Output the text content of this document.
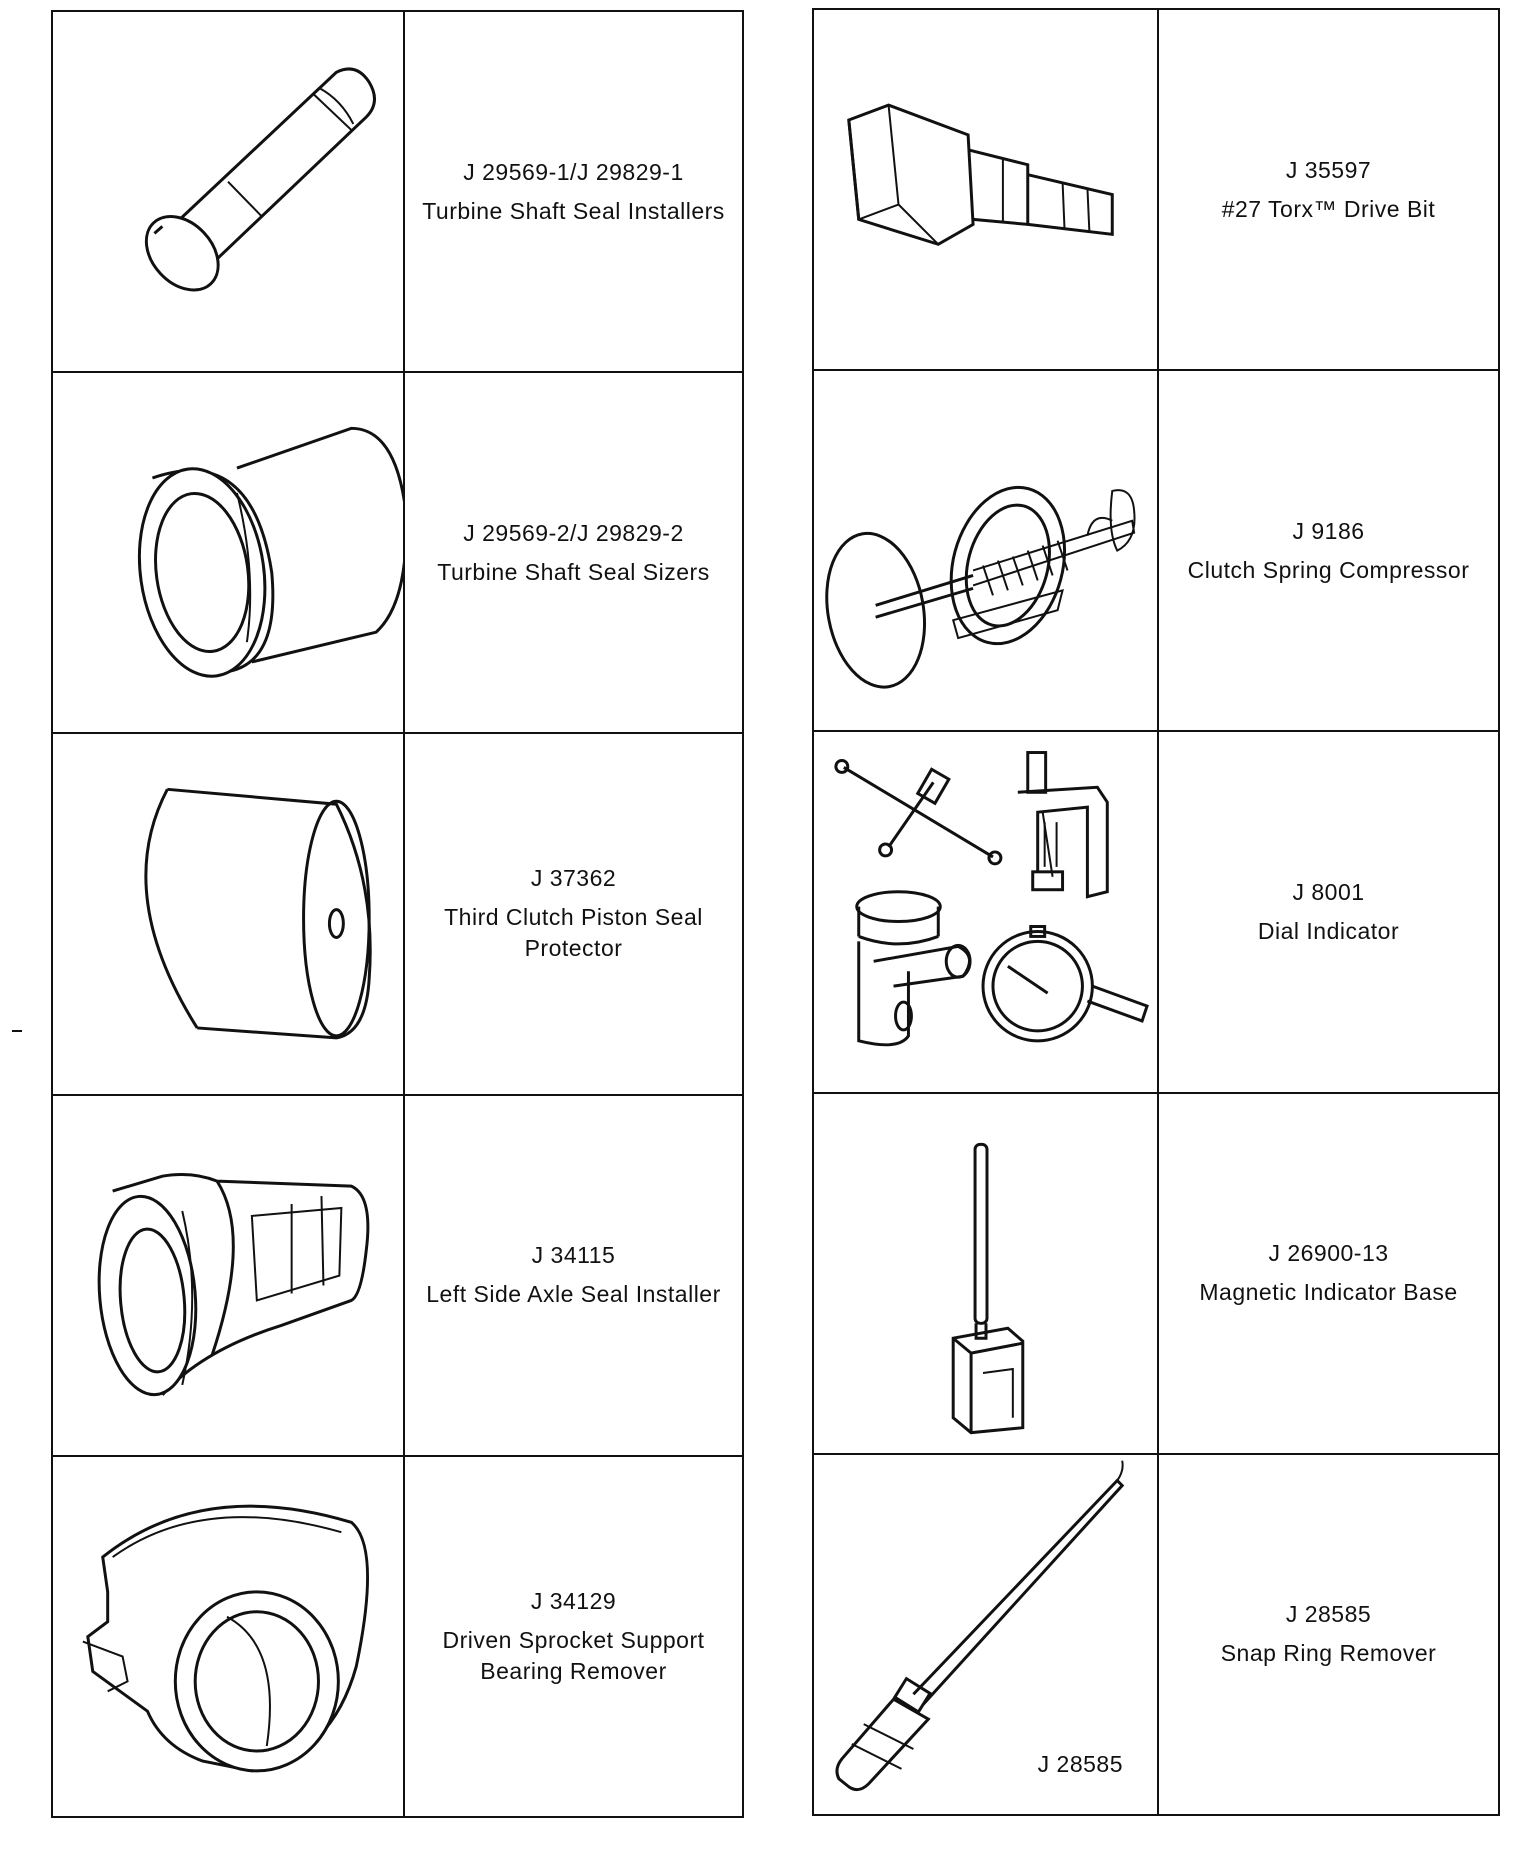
J 29569-1/J 29829-1
Turbine Shaft Seal Installers

J 29569-2/J 29829-2
Turbine Shaft Seal Sizers

J 37362
Third Clutch Piston Seal
Protector

J 34115
Left Side Axle Seal Installer

J 34129
Driven Sprocket Support
Bearing Remover

J 35597
#27 Torx™ Drive Bit

J 9186
Clutch Spring Compressor

J 8001
Dial Indicator

J 26900-13
Magnetic Indicator Base

J 28585	J 28585
Snap Ring Remover
